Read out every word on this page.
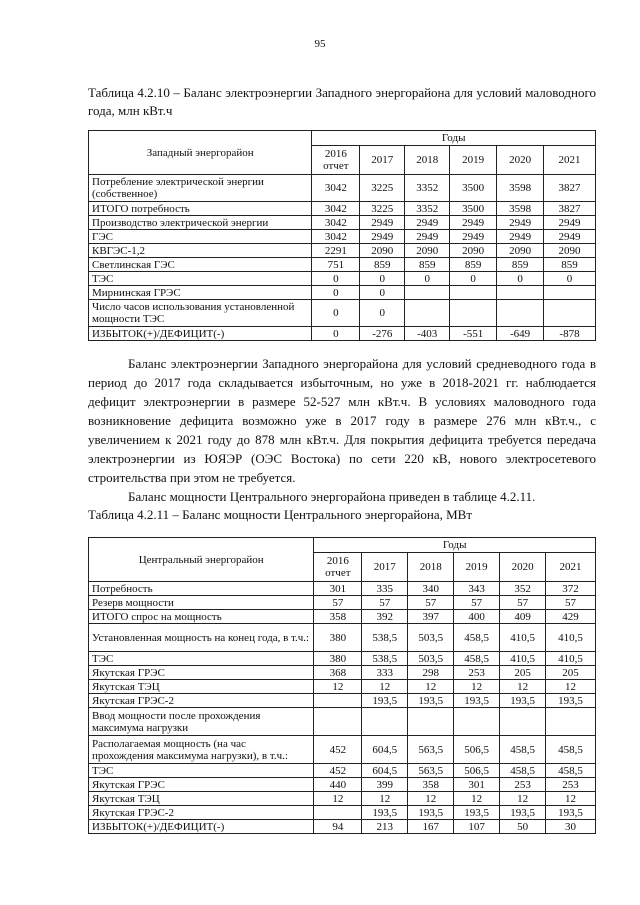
95
Таблица 4.2.10 – Баланс электроэнергии Западного энергорайона для условий маловодного года, млн кВт.ч
Западный энергорайон	Годы					
	2016 отчет	2017	2018	2019	2020	2021
Потребление электрической энергии (собственное)	3042	3225	3352	3500	3598	3827
ИТОГО потребность	3042	3225	3352	3500	3598	3827
Производство электрической энергии	3042	2949	2949	2949	2949	2949
ГЭС	3042	2949	2949	2949	2949	2949
КВГЭС-1,2	2291	2090	2090	2090	2090	2090
Светлинская ГЭС	751	859	859	859	859	859
ТЭС	0	0	0	0	0	0
Мирнинская ГРЭС	0	0				
Число часов использования установленной мощности ТЭС	0	0				
ИЗБЫТОК(+)/ДЕФИЦИТ(-)	0	-276	-403	-551	-649	-878

Баланс электроэнергии Западного энергорайона для условий средневодного года в период до 2017 года складывается избыточным, но уже в 2018-2021 гг. наблюдается дефицит электроэнергии в размере 52-527 млн кВт.ч. В условиях маловодного года возникновение дефицита возможно уже в 2017 году в размере 276 млн кВт.ч., с увеличением к 2021 году до 878 млн кВт.ч. Для покрытия дефицита требуется передача электроэнергии из ЮЯЭР (ОЭС Востока) по сети 220 кВ, нового электросетевого строительства при этом не требуется.

Баланс мощности Центрального энергорайона приведен в таблице 4.2.11.

Таблица 4.2.11 – Баланс мощности Центрального энергорайона, МВт
Центральный энергорайон	Годы					
	2016 отчет	2017	2018	2019	2020	2021
Потребность	301	335	340	343	352	372
Резерв мощности	57	57	57	57	57	57
ИТОГО спрос на мощность	358	392	397	400	409	429
Установленная мощность на конец года, в т.ч.:	380	538,5	503,5	458,5	410,5	410,5
ТЭС	380	538,5	503,5	458,5	410,5	410,5
Якутская ГРЭС	368	333	298	253	205	205
Якутская ТЭЦ	12	12	12	12	12	12
Якутская ГРЭС-2		193,5	193,5	193,5	193,5	193,5
Ввод мощности после прохождения максимума нагрузки						
Располагаемая мощность (на час прохождения максимума нагрузки), в т.ч.:	452	604,5	563,5	506,5	458,5	458,5
ТЭС	452	604,5	563,5	506,5	458,5	458,5
Якутская ГРЭС	440	399	358	301	253	253
Якутская ТЭЦ	12	12	12	12	12	12
Якутская ГРЭС-2		193,5	193,5	193,5	193,5	193,5
ИЗБЫТОК(+)/ДЕФИЦИТ(-)	94	213	167	107	50	30
